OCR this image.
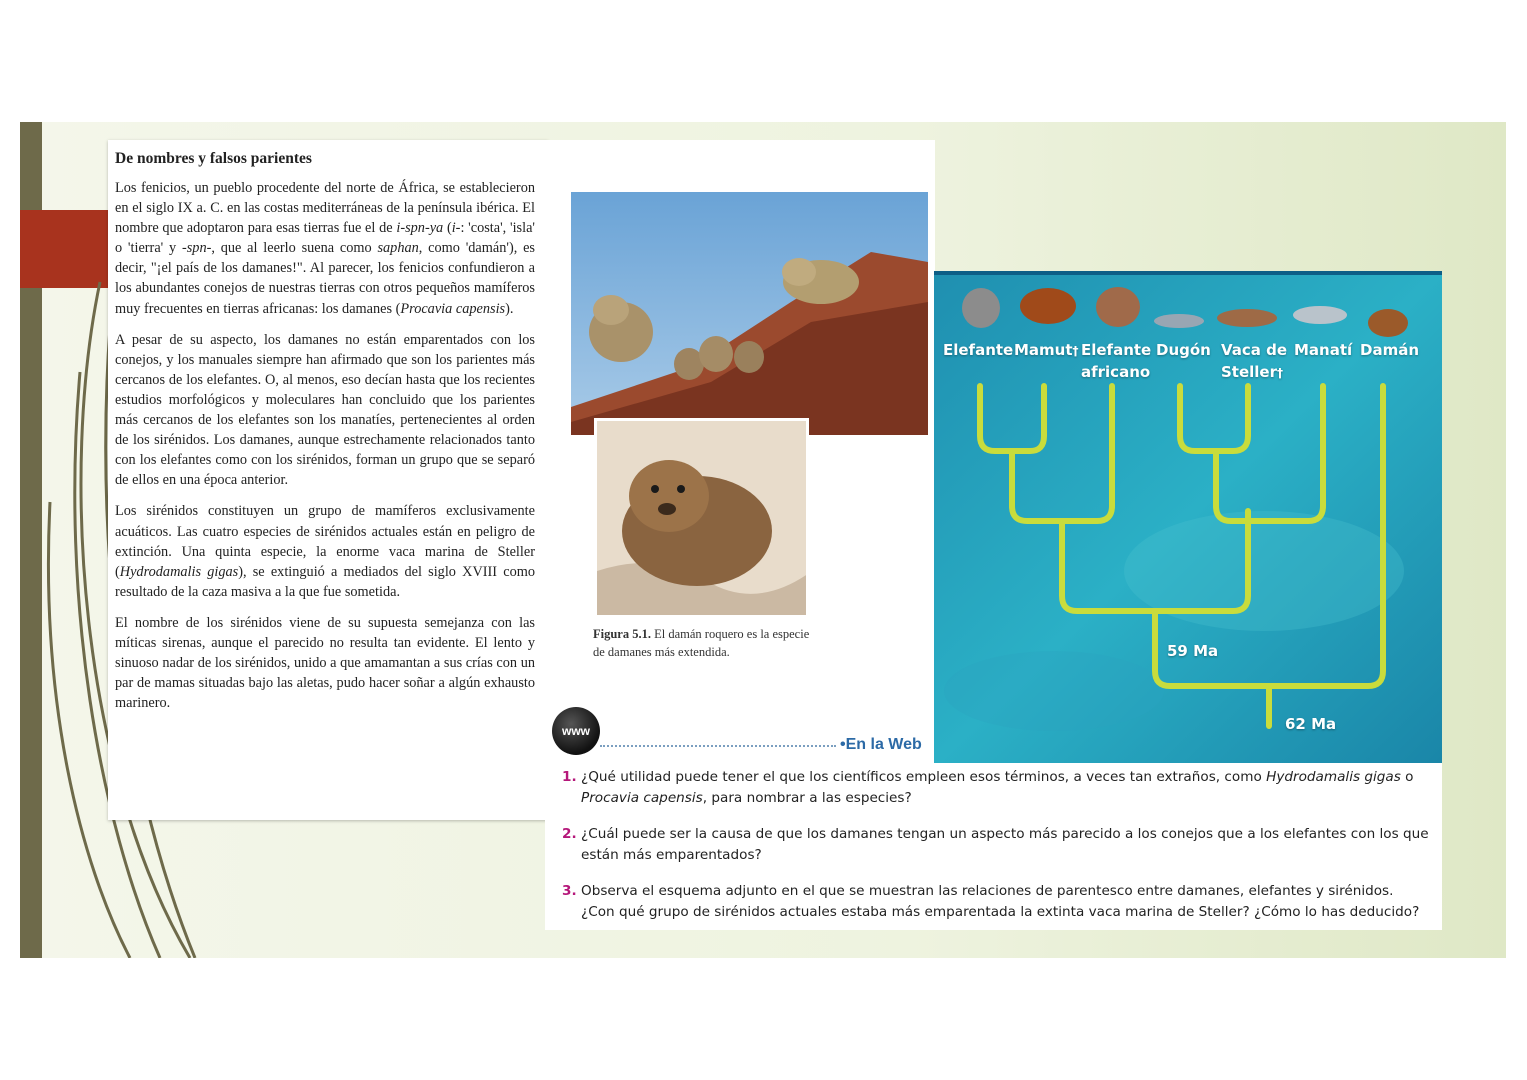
De nombres y falsos parientes

Los fenicios, un pueblo procedente del norte de África, se establecieron en el siglo IX a. C. en las costas mediterráneas de la península ibérica. El nombre que adoptaron para esas tierras fue el de i-spn-ya (i-: 'costa', 'isla' o 'tierra' y -spn-, que al leerlo suena como saphan, como 'damán'), es decir, "¡el país de los damanes!". Al parecer, los fenicios confundieron a los abundantes conejos de nuestras tierras con otros pequeños mamíferos muy frecuentes en tierras africanas: los damanes (Procavia capensis).

A pesar de su aspecto, los damanes no están emparentados con los conejos, y los manuales siempre han afirmado que son los parientes más cercanos de los elefantes. O, al menos, eso decían hasta que los recientes estudios morfológicos y moleculares han concluido que los parientes más cercanos de los elefantes son los manatíes, pertenecientes al orden de los sirénidos. Los damanes, aunque estrechamente relacionados tanto con los elefantes como con los sirénidos, forman un grupo que se separó de ellos en una época anterior.

Los sirénidos constituyen un grupo de mamíferos exclusivamente acuáticos. Las cuatro especies de sirénidos actuales están en peligro de extinción. Una quinta especie, la enorme vaca marina de Steller (Hydrodamalis gigas), se extinguió a mediados del siglo XVIII como resultado de la caza masiva a la que fue sometida.

El nombre de los sirénidos viene de su supuesta semejanza con las míticas sirenas, aunque el parecido no resulta tan evidente. El lento y sinuoso nadar de los sirénidos, unido a que amamantan a sus crías con un par de mamas situadas bajo las aletas, pudo hacer soñar a algún exhausto marinero.

Figura 5.1. El damán roquero es la especie de damanes más extendida.
www
•En la Web
Elefante Mamut† Elefante
africano
Dugón Vaca de
Steller†
Manatí Damán
59 Ma
62 Ma
1. ¿Qué utilidad puede tener el que los científicos empleen esos términos, a veces tan extraños, como Hydrodamalis gigas o Procavia capensis, para nombrar a las especies?
2. ¿Cuál puede ser la causa de que los damanes tengan un aspecto más parecido a los conejos que a los elefantes con los que están más emparentados?
3. Observa el esquema adjunto en el que se muestran las relaciones de parentesco entre damanes, elefantes y sirénidos. ¿Con qué grupo de sirénidos actuales estaba más emparentada la extinta vaca marina de Steller? ¿Cómo lo has deducido?
